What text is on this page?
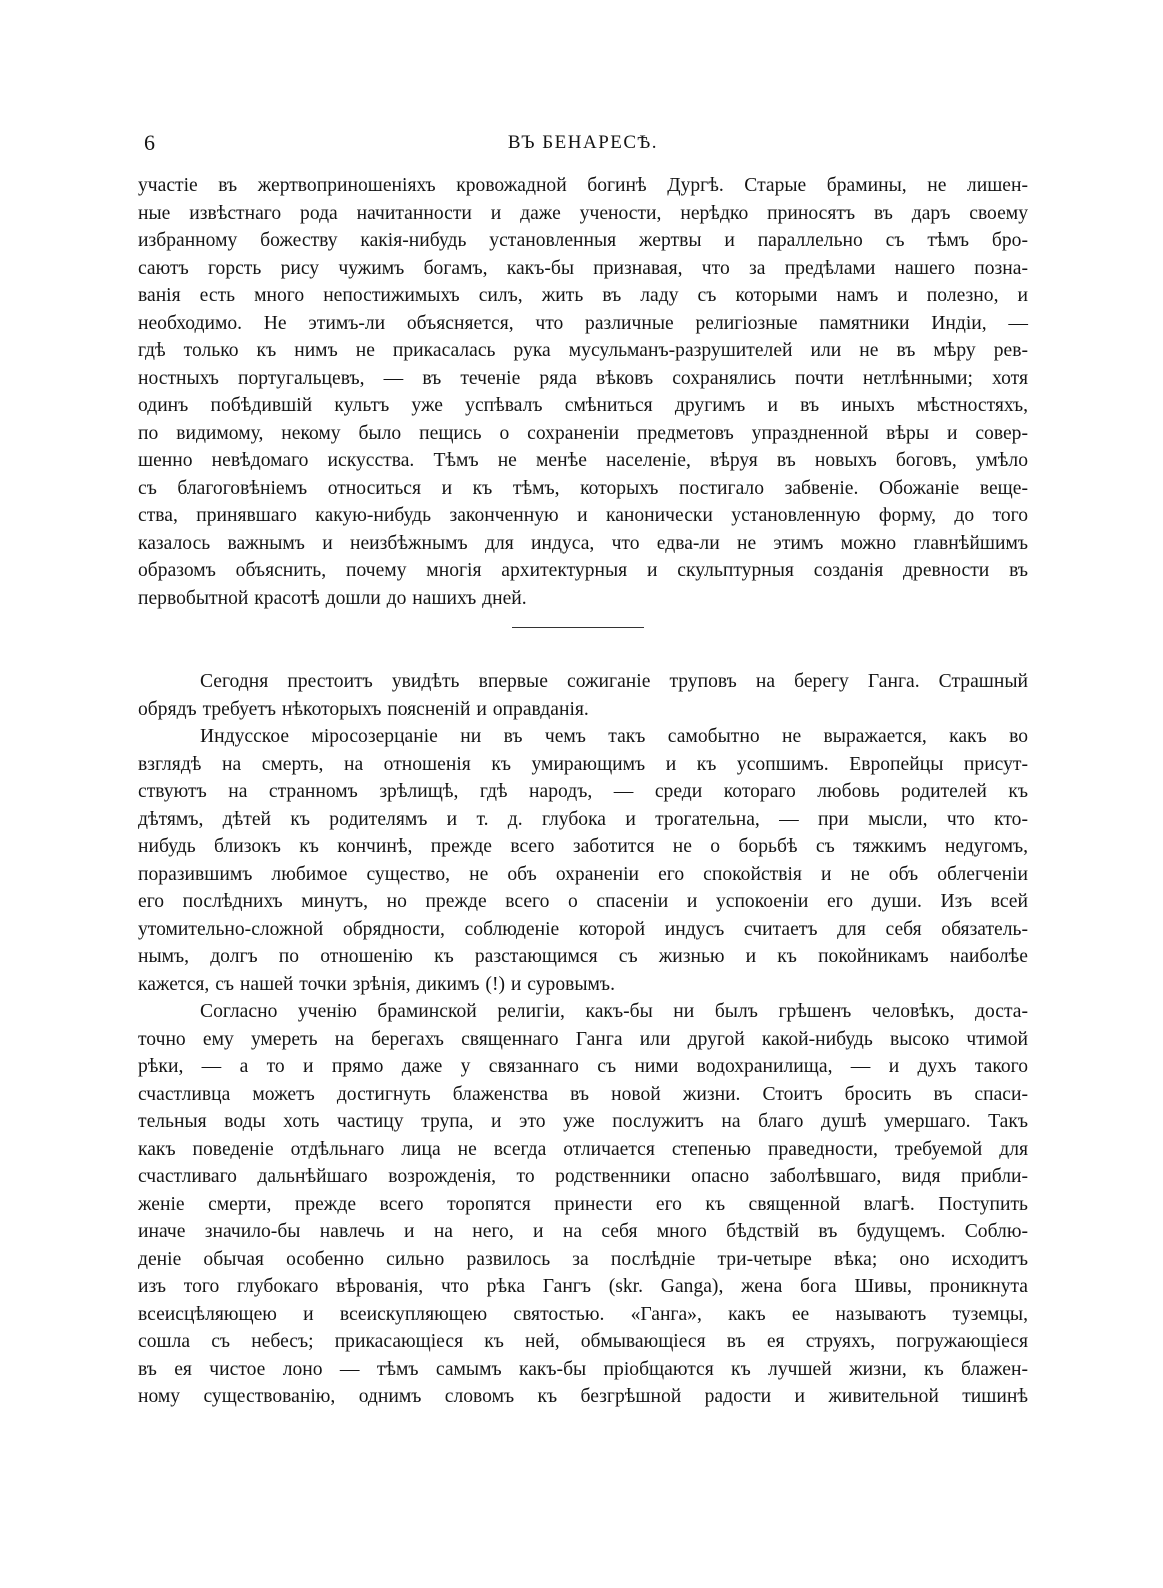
6	ВЪ БЕНАРЕСѢ.

участіе въ жертвоприношеніяхъ кровожадной богинѣ Дургѣ. Старые брамины, не лишен-
ные извѣстнаго рода начитанности и даже учености, нерѣдко приносятъ въ даръ своему
избранному божеству какія-нибудь установленныя жертвы и параллельно съ тѣмъ бро-
саютъ горсть рису чужимъ богамъ, какъ-бы признавая, что за предѣлами нашего позна-
ванія есть много непостижимыхъ силъ, жить въ ладу съ которыми намъ и полезно, и
необходимо. Не этимъ-ли объясняется, что различные религіозные памятники Индіи, —
гдѣ только къ нимъ не прикасалась рука мусульманъ-разрушителей или не въ мѣру рев-
ностныхъ португальцевъ, — въ теченіе ряда вѣковъ сохранялись почти нетлѣнными; хотя
одинъ побѣдившій культъ уже успѣвалъ смѣниться другимъ и въ иныхъ мѣстностяхъ,
по видимому, некому было пещись о сохраненіи предметовъ упраздненной вѣры и совер-
шенно невѣдомаго искусства. Тѣмъ не менѣе населеніе, вѣруя въ новыхъ боговъ, умѣло
съ благоговѣніемъ относиться и къ тѣмъ, которыхъ постигало забвеніе. Обожаніе веще-
ства, принявшаго какую-нибудь законченную и канонически установленную форму, до того
казалось важнымъ и неизбѣжнымъ для индуса, что едва-ли не этимъ можно главнѣйшимъ
образомъ объяснить, почему многія архитектурныя и скульптурныя созданія древности въ
первобытной красотѣ дошли до нашихъ дней.

Сегодня престоитъ увидѣть впервые сожиганіе труповъ на берегу Ганга. Страшный
обрядъ требуетъ нѣкоторыхъ поясненій и оправданія.

Индусское міросозерцаніе ни въ чемъ такъ самобытно не выражается, какъ во
взглядѣ на смерть, на отношенія къ умирающимъ и къ усопшимъ. Европейцы присут-
ствуютъ на странномъ зрѣлищѣ, гдѣ народъ, — среди котораго любовь родителей къ
дѣтямъ, дѣтей къ родителямъ и т. д. глубока и трогательна, — при мысли, что кто-
нибудь близокъ къ кончинѣ, прежде всего заботится не о борьбѣ съ тяжкимъ недугомъ,
поразившимъ любимое существо, не объ охраненіи его спокойствія и не объ облегченіи
его послѣднихъ минутъ, но прежде всего о спасеніи и успокоеніи его души. Изъ всей
утомительно-сложной обрядности, соблюденіе которой индусъ считаетъ для себя обязатель-
нымъ, долгъ по отношенію къ разстающимся съ жизнью и къ покойникамъ наиболѣе
кажется, съ нашей точки зрѣнія, дикимъ (!) и суровымъ.

Согласно ученію браминской религіи, какъ-бы ни былъ грѣшенъ человѣкъ, доста-
точно ему умереть на берегахъ священнаго Ганга или другой какой-нибудь высоко чтимой
рѣки, — а то и прямо даже у связаннаго съ ними водохранилища, — и духъ такого
счастливца можетъ достигнуть блаженства въ новой жизни. Стоитъ бросить въ спаси-
тельныя воды хоть частицу трупа, и это уже послужитъ на благо душѣ умершаго. Такъ
какъ поведеніе отдѣльнаго лица не всегда отличается степенью праведности, требуемой для
счастливаго дальнѣйшаго возрожденія, то родственники опасно заболѣвшаго, видя прибли-
женіе смерти, прежде всего торопятся принести его къ священной влагѣ. Поступить
иначе значило-бы навлечь и на него, и на себя много бѣдствій въ будущемъ. Соблю-
деніе обычая особенно сильно развилось за послѣдніе три-четыре вѣка; оно исходитъ
изъ того глубокаго вѣрованія, что рѣка Гангъ (skr. Ganga), жена бога Шивы, проникнута
всеисцѣляющею и всеискупляющею святостью. «Ганга», какъ ее называютъ туземцы,
сошла съ небесъ; прикасающіеся къ ней, обмывающіеся въ ея струяхъ, погружающіеся
въ ея чистое лоно — тѣмъ самымъ какъ-бы пріобщаются къ лучшей жизни, къ блажен-
ному существованію, однимъ словомъ къ безгрѣшной радости и живительной тишинѣ
